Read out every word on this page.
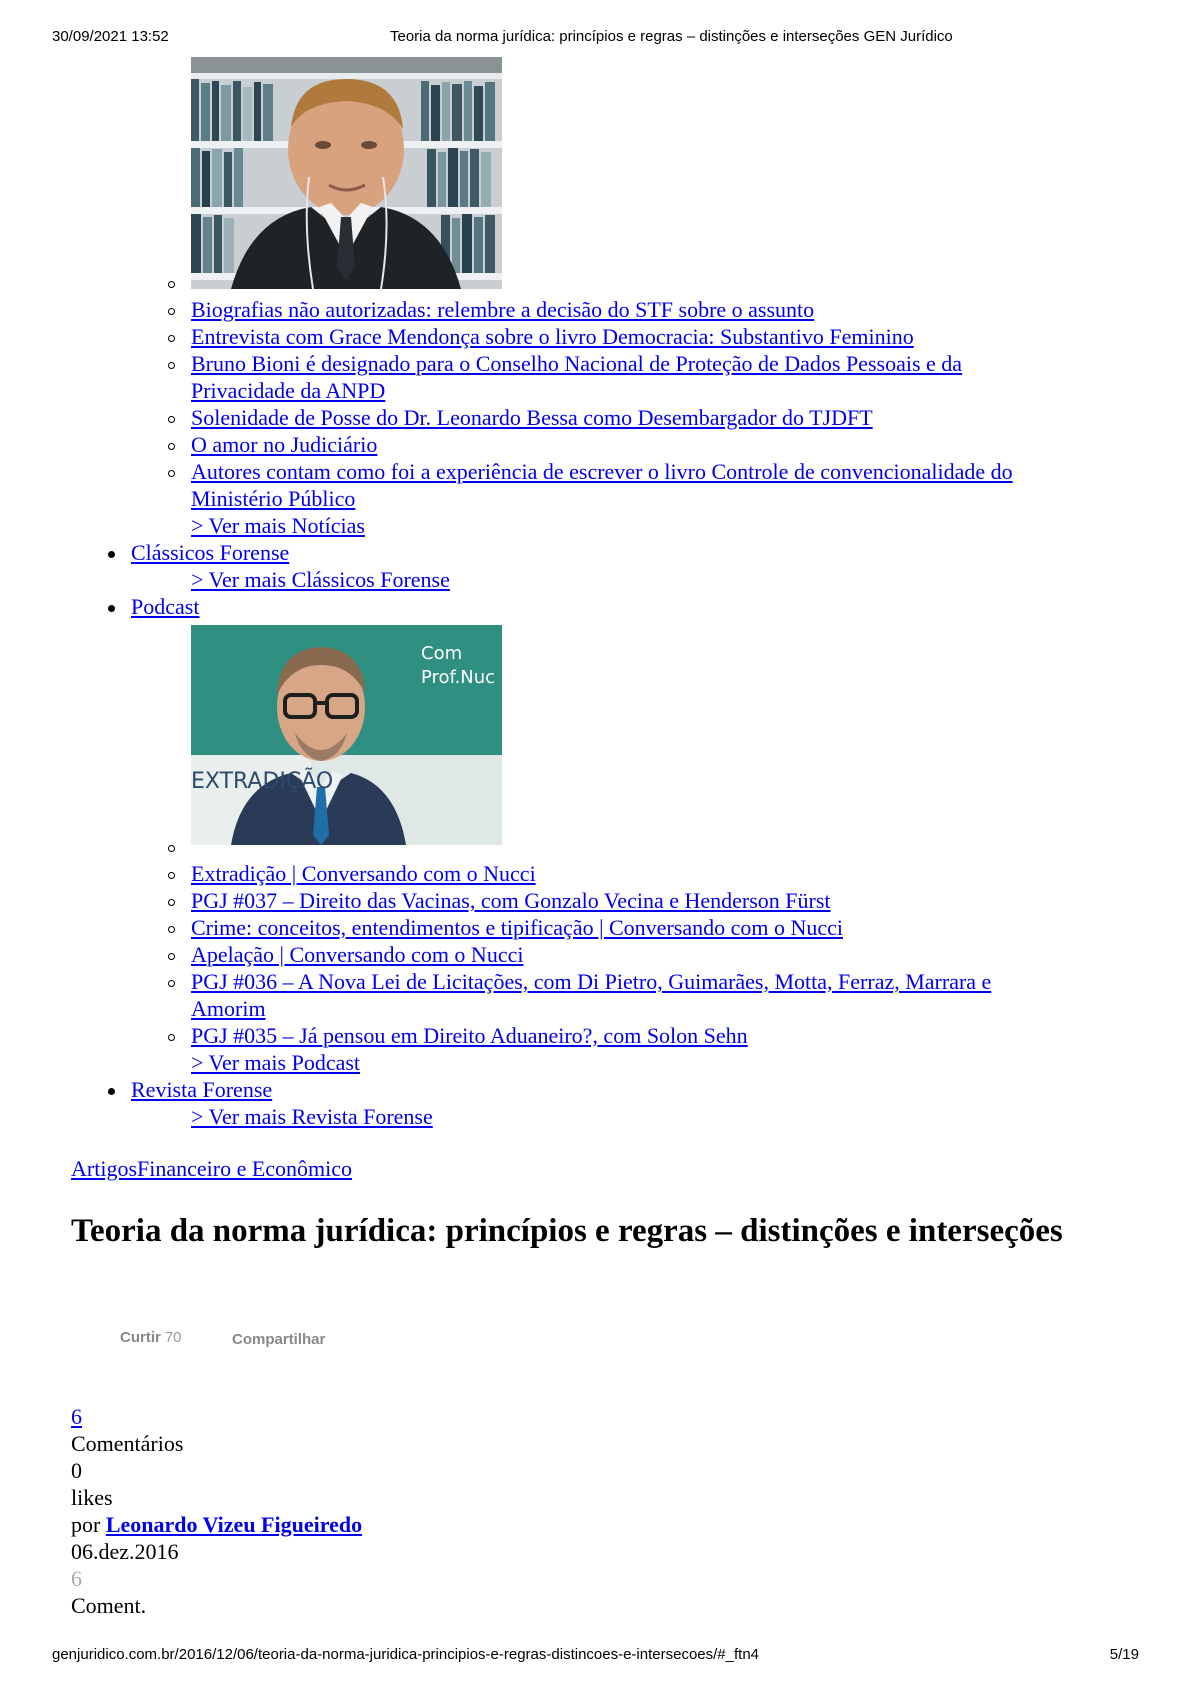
30/09/2021 13:52	Teoria da norma jurídica: princípios e regras – distinções e interseções GEN Jurídico
Biografias não autorizadas: relembre a decisão do STF sobre o assunto
Entrevista com Grace Mendonça sobre o livro Democracia: Substantivo Feminino
Bruno Bioni é designado para o Conselho Nacional de Proteção de Dados Pessoais e da
Privacidade da ANPD
Solenidade de Posse do Dr. Leonardo Bessa como Desembargador do TJDFT
O amor no Judiciário
Autores contam como foi a experiência de escrever o livro Controle de convencionalidade do
Ministério Público
> Ver mais Notícias
Clássicos Forense
> Ver mais Clássicos Forense
Podcast
Com
Prof.Nuc
EXTRADIÇÃO
Extradição | Conversando com o Nucci
PGJ #037 – Direito das Vacinas, com Gonzalo Vecina e Henderson Fürst
Crime: conceitos, entendimentos e tipificação | Conversando com o Nucci
Apelação | Conversando com o Nucci
PGJ #036 – A Nova Lei de Licitações, com Di Pietro, Guimarães, Motta, Ferraz, Marrara e
Amorim
PGJ #035 – Já pensou em Direito Aduaneiro?, com Solon Sehn
> Ver mais Podcast
Revista Forense
> Ver mais Revista Forense
ArtigosFinanceiro e Econômico
Teoria da norma jurídica: princípios e regras – distinções e interseções
Curtir 70	Compartilhar
6
Comentários
0
likes
por Leonardo Vizeu Figueiredo
06.dez.2016
6
Coment.
genjuridico.com.br/2016/12/06/teoria-da-norma-juridica-principios-e-regras-distincoes-e-intersecoes/#_ftn4	5/19
